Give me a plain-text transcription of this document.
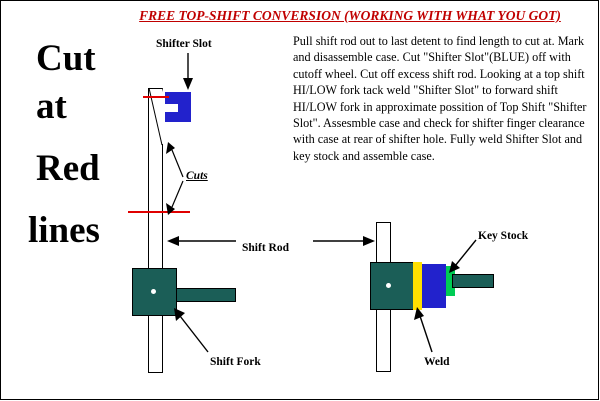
FREE TOP-SHIFT CONVERSION (WORKING WITH WHAT YOU GOT)
Cut
at
Red
lines
Pull shift rod out to last detent to find length to cut at. Mark and disassemble case. Cut "Shifter Slot"(BLUE) off with cutoff wheel. Cut off excess shift rod. Looking at a top shift HI/LOW fork tack weld "Shifter Slot" to forward shift HI/LOW fork in approximate possition of Top Shift "Shifter Slot". Assesmble case and check for shifter finger clearance with case at rear of shifter hole. Fully weld Shifter Slot and key stock and assemble case.
Shifter Slot
Cuts
Shift Rod
Shift Fork
Key Stock
Weld
